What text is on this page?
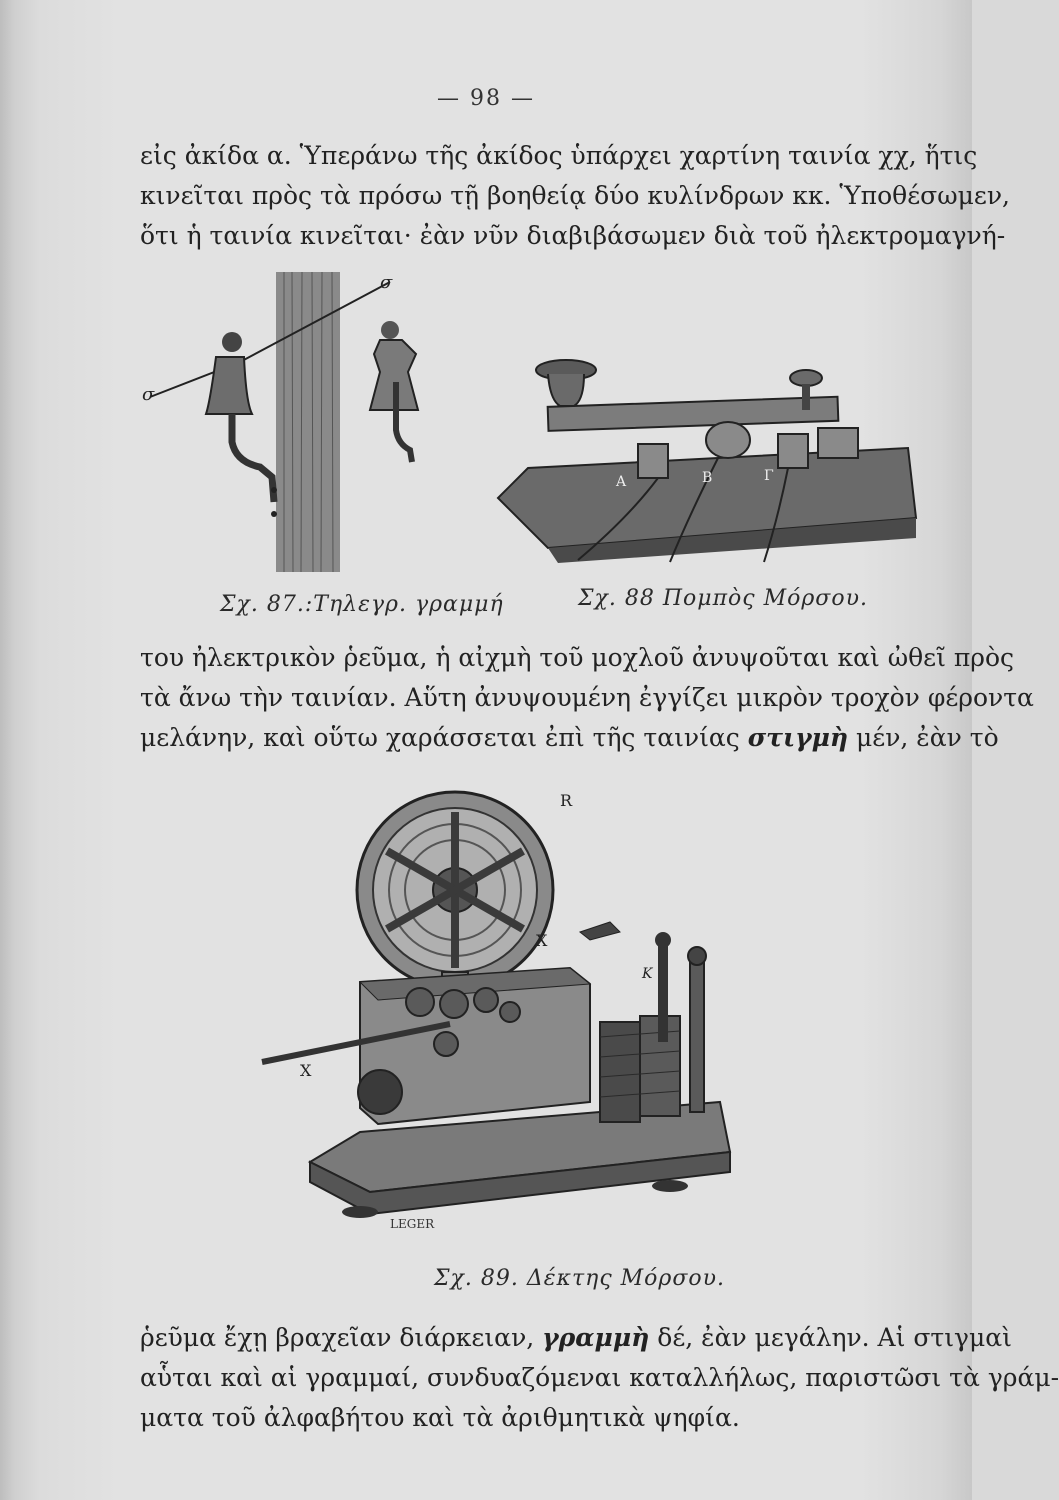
— 98 —
εἰς ἀκίδα α. Ὑπεράνω τῆς ἀκίδος ὑπάρχει χαρτίνη ταινία χχ, ἥτις
κινεῖται πρὸς τὰ πρόσω τῇ βοηθείᾳ δύο κυλίνδρων κκ. Ὑποθέσωμεν,
ὅτι ἡ ταινία κινεῖται· ἐὰν νῦν διαβιβάσωμεν διὰ τοῦ ἠλεκτρομαγνή-
σ
σ
Σχ. 87.:Τηλεγρ. γραμμή
Α	Β	Γ
Σχ. 88 Πομπὸς Μόρσου.
του ἠλεκτρικὸν ῥεῦμα, ἡ αἰχμὴ τοῦ μοχλοῦ ἀνυψοῦται καὶ ὠθεῖ πρὸς
τὰ ἄνω τὴν ταινίαν. Αὕτη ἀνυψουμένη ἐγγίζει μικρὸν τροχὸν φέροντα
μελάνην, καὶ οὕτω χαράσσεται ἐπὶ τῆς ταινίας στιγμὴ μέν, ἐὰν τὸ
R
X
X
K
LEGER
Σχ. 89. Δέκτης Μόρσου.
ῥεῦμα ἔχῃ βραχεῖαν διάρκειαν, γραμμὴ δέ, ἐὰν μεγάλην. Αἱ στιγμαὶ
αὗται καὶ αἱ γραμμαί, συνδυαζόμεναι καταλλήλως, παριστῶσι τὰ γράμ-
ματα τοῦ ἀλφαβήτου καὶ τὰ ἀριθμητικὰ ψηφία.
